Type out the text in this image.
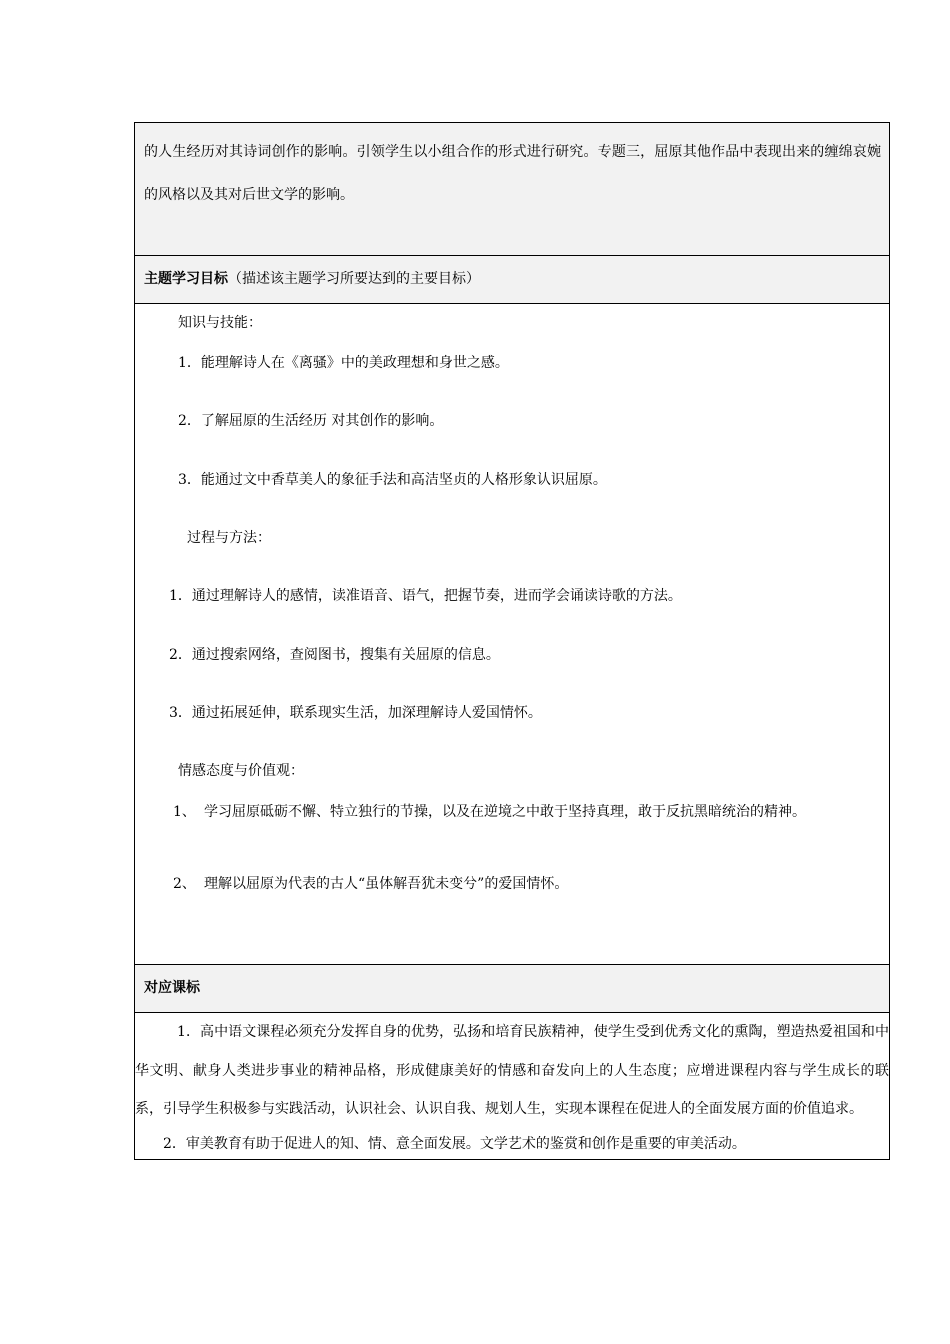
的人生经历对其诗词创作的影响。引领学生以小组合作的形式进行研究。专题三，屈原其他作品中表现出来的缠绵哀婉的风格以及其对后世文学的影响。

主题学习目标（描述该主题学习所要达到的主要目标）

知识与技能：
1．能理解诗人在《离骚》中的美政理想和身世之感。
2．了解屈原的生活经历 对其创作的影响。
3．能通过文中香草美人的象征手法和高洁坚贞的人格形象认识屈原。
过程与方法：
1．通过理解诗人的感情，读准语音、语气，把握节奏，进而学会诵读诗歌的方法。
2．通过搜索网络，查阅图书，搜集有关屈原的信息。
3．通过拓展延伸，联系现实生活，加深理解诗人爱国情怀。
情感态度与价值观：
1、 学习屈原砥砺不懈、特立独行的节操，以及在逆境之中敢于坚持真理，敢于反抗黑暗统治的精神。
2、 理解以屈原为代表的古人“虽体解吾犹未变兮”的爱国情怀。

对应课标

1．高中语文课程必须充分发挥自身的优势，弘扬和培育民族精神，使学生受到优秀文化的熏陶，塑造热爱祖国和中华文明、献身人类进步事业的精神品格，形成健康美好的情感和奋发向上的人生态度；应增进课程内容与学生成长的联系，引导学生积极参与实践活动，认识社会、认识自我、规划人生，实现本课程在促进人的全面发展方面的价值追求。

2．审美教育有助于促进人的知、情、意全面发展。文学艺术的鉴赏和创作是重要的审美活动。
